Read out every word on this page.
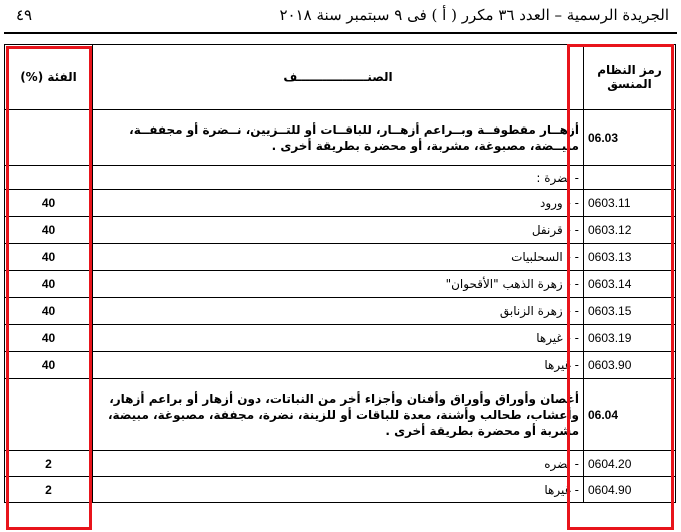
الجريدة الرسمية – العدد ٣٦ مكرر ( أ ) فى ٩ سبتمبر سنة ٢٠١٨
٤٩
رمز النظام المنسق	الصنـــــــــــــــــف	الفئة (%)
06.03	أزهــار مقطوفــة وبــراعم أزهــار، للباقــات أو للتــزيين، نــضرة أو مجففــة، مبيــضة، مصبوغة، مشربة، أو محضرة بطريقة أخرى .	
	- نضرة :	
0603.11	- - ورود	40
0603.12	- - قرنفل	40
0603.13	- - السحلبيات	40
0603.14	- - زهرة الذهب "الأقحوان"	40
0603.15	- - زهرة الزنابق	40
0603.19	- - غيرها	40
0603.90	- غيرها	40
06.04	أغصان وأوراق وأوراق وأفنان وأجزاء أخر من النباتات، دون أزهار أو براعم أزهار، وأعشاب، طحالب وأشنة، معدة للباقات أو للزينة، نضرة، مجففة، مصبوغة، مبيضة، مشربة أو محضرة بطريقة أخرى .	
0604.20	- نضره	2
0604.90	- غيرها	2
